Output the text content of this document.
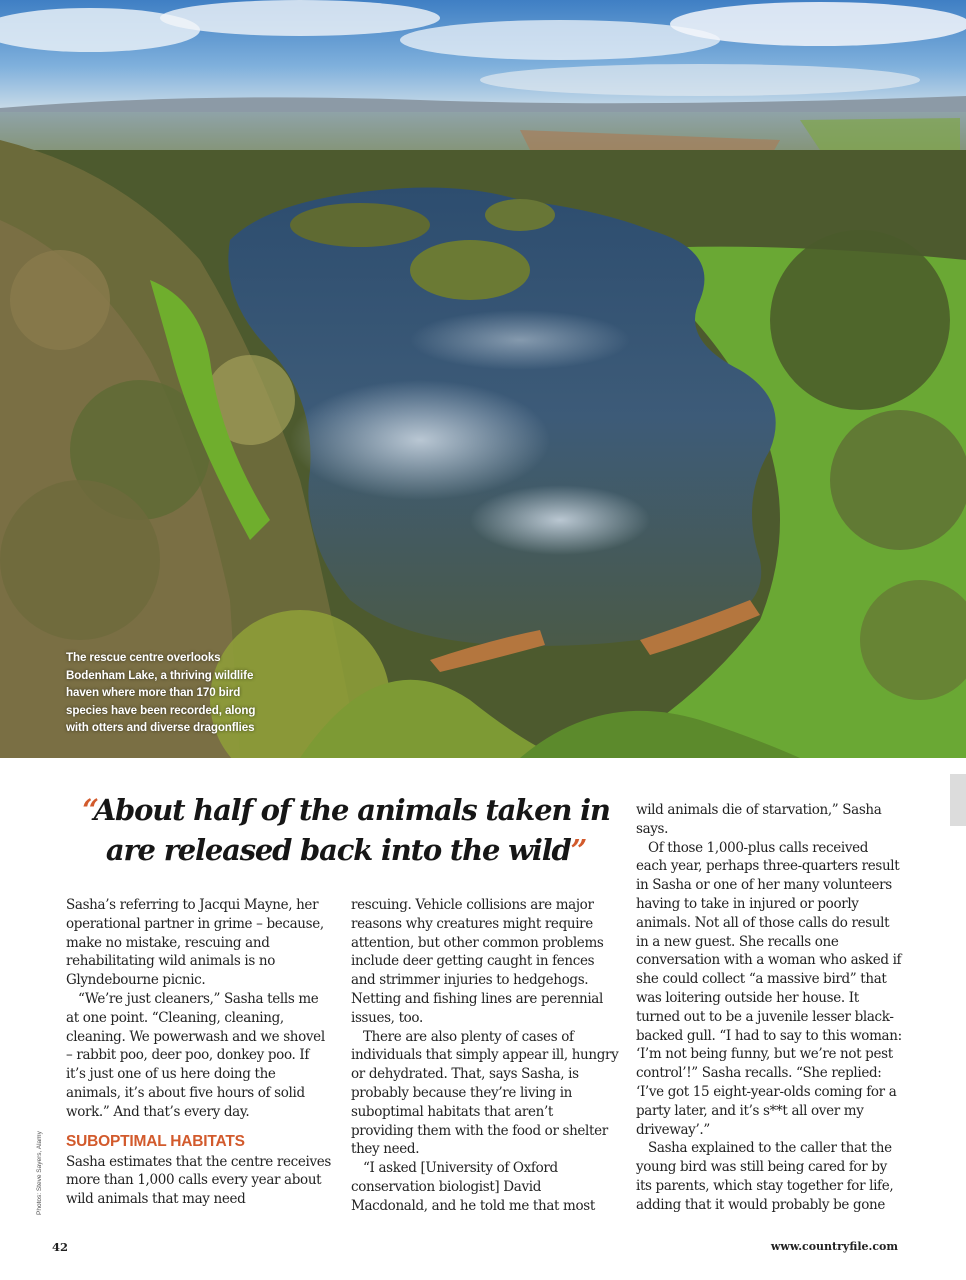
The rescue centre overlooks Bodenham Lake, a thriving wildlife haven where more than 170 bird species have been recorded, along with otters and diverse dragonflies
“About half of the animals taken in are released back into the wild”

Sasha’s referring to Jacqui Mayne, her operational partner in grime – because, make no mistake, rescuing and rehabilitating wild animals is no Glyndebourne picnic.

“We’re just cleaners,” Sasha tells me at one point. “Cleaning, cleaning, cleaning. We powerwash and we shovel – rabbit poo, deer poo, donkey poo. If it’s just one of us here doing the animals, it’s about five hours of solid work.” And that’s every day.

SUBOPTIMAL HABITATS

Sasha estimates that the centre receives more than 1,000 calls every year about wild animals that may need

rescuing. Vehicle collisions are major reasons why creatures might require attention, but other common problems include deer getting caught in fences and strimmer injuries to hedgehogs. Netting and fishing lines are perennial issues, too.

There are also plenty of cases of individuals that simply appear ill, hungry or dehydrated. That, says Sasha, is probably because they’re living in suboptimal habitats that aren’t providing them with the food or shelter they need.

“I asked [University of Oxford conservation biologist] David Macdonald, and he told me that most

wild animals die of starvation,” Sasha says.

Of those 1,000-plus calls received each year, perhaps three-quarters result in Sasha or one of her many volunteers having to take in injured or poorly animals. Not all of those calls do result in a new guest. She recalls one conversation with a woman who asked if she could collect “a massive bird” that was loitering outside her house. It turned out to be a juvenile lesser black-backed gull. “I had to say to this woman: ‘I’m not being funny, but we’re not pest control’!” Sasha recalls. “She replied: ‘I’ve got 15 eight-year-olds coming for a party later, and it’s s**t all over my driveway’.”

Sasha explained to the caller that the young bird was still being cared for by its parents, which stay together for life, adding that it would probably be gone

Photos: Steve Sayers, Alamy
42	www.countryfile.com
